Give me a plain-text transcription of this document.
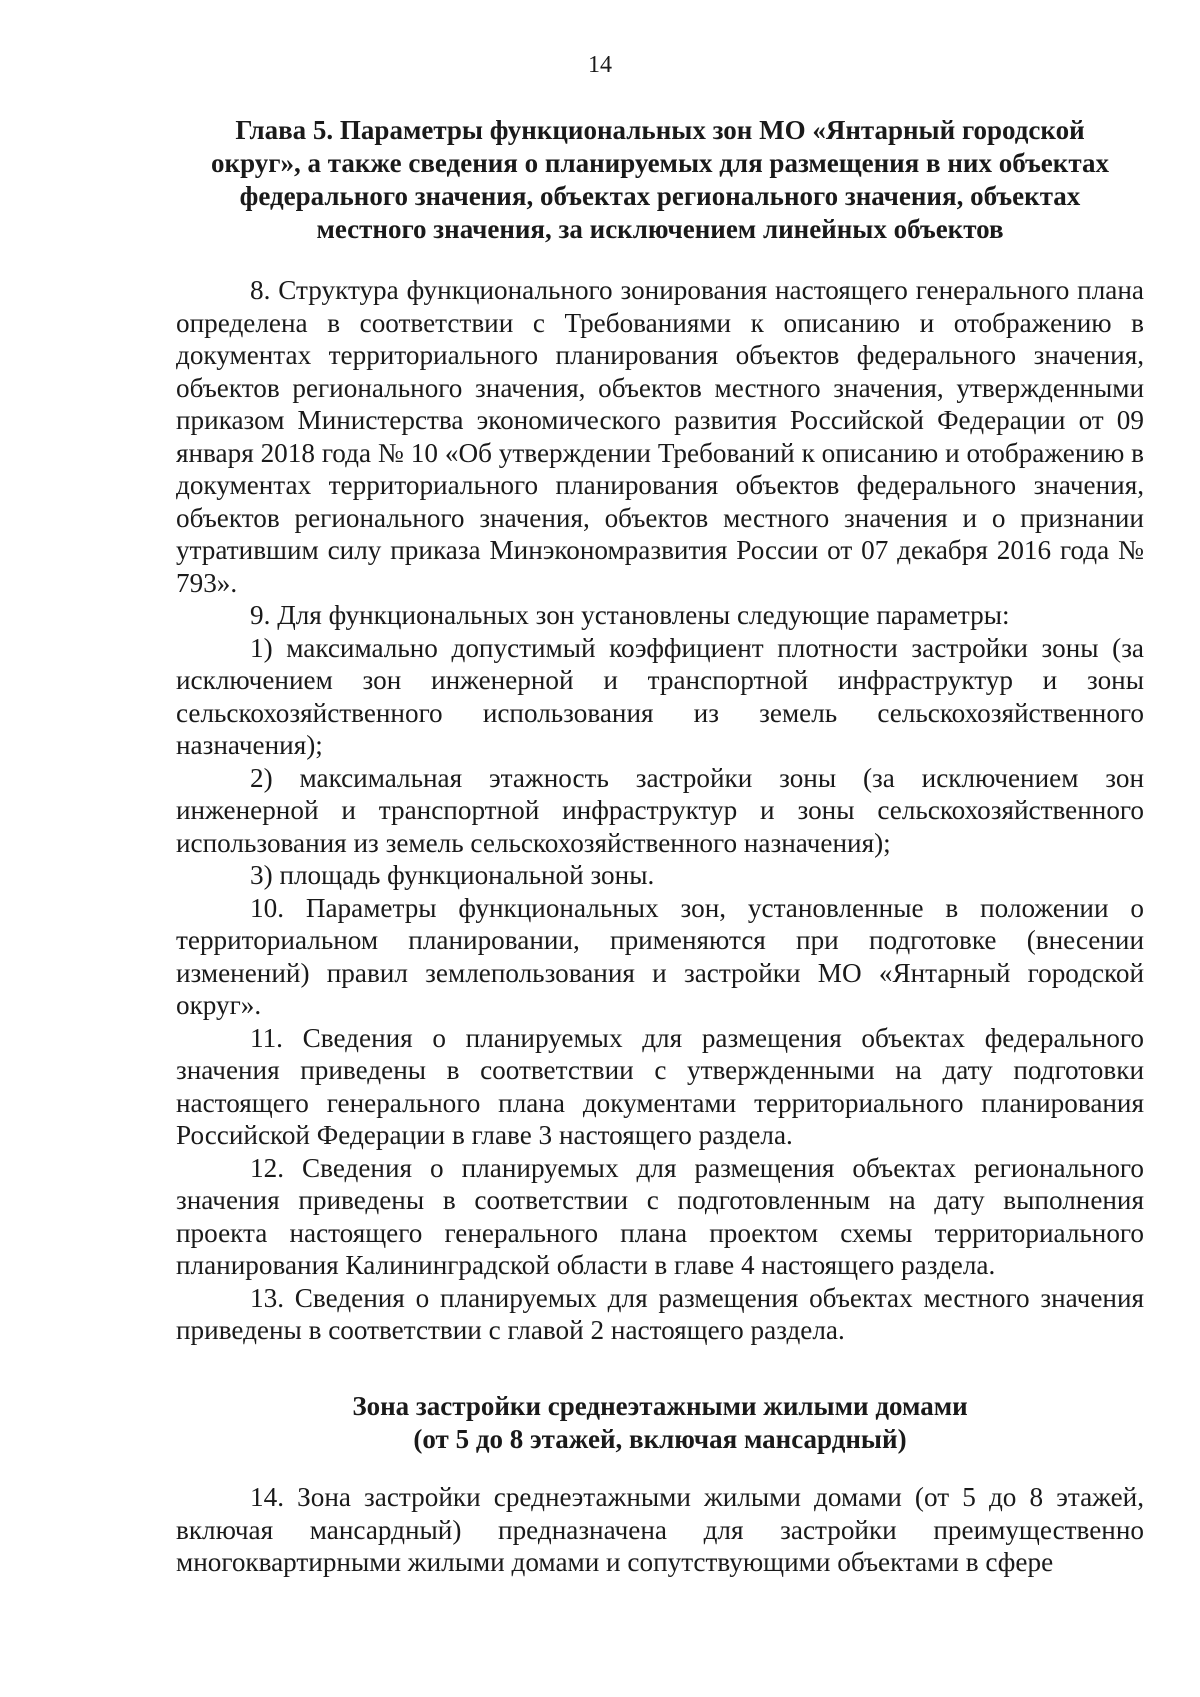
14
Глава 5. Параметры функциональных зон МО «Янтарный городской
округ», а также сведения о планируемых для размещения в них объектах
федерального значения, объектах регионального значения, объектах
местного значения, за исключением линейных объектов

8. Структура функционального зонирования настоящего генерального плана определена в соответствии с Требованиями к описанию и отображению в документах территориального планирования объектов федерального значения, объектов регионального значения, объектов местного значения, утвержденными приказом Министерства экономического развития Российской Федерации от 09 января 2018 года № 10 «Об утверждении Требований к описанию и отображению в документах территориального планирования объектов федерального значения, объектов регионального значения, объектов местного значения и о признании утратившим силу приказа Минэкономразвития России от 07 декабря 2016 года № 793».

9. Для функциональных зон установлены следующие параметры:

1) максимально допустимый коэффициент плотности застройки зоны (за исключением зон инженерной и транспортной инфраструктур и зоны сельскохозяйственного использования из земель сельскохозяйственного назначения);

2) максимальная этажность застройки зоны (за исключением зон инженерной и транспортной инфраструктур и зоны сельскохозяйственного использования из земель сельскохозяйственного назначения);

3) площадь функциональной зоны.

10. Параметры функциональных зон, установленные в положении о территориальном планировании, применяются при подготовке (внесении изменений) правил землепользования и застройки МО «Янтарный городской округ».

11. Сведения о планируемых для размещения объектах федерального значения приведены в соответствии с утвержденными на дату подготовки настоящего генерального плана документами территориального планирования Российской Федерации в главе 3 настоящего раздела.

12. Сведения о планируемых для размещения объектах регионального значения приведены в соответствии с подготовленным на дату выполнения проекта настоящего генерального плана проектом схемы территориального планирования Калининградской области в главе 4 настоящего раздела.

13. Сведения о планируемых для размещения объектах местного значения приведены в соответствии с главой 2 настоящего раздела.

Зона застройки среднеэтажными жилыми домами
(от 5 до 8 этажей, включая мансардный)

14. Зона застройки среднеэтажными жилыми домами (от 5 до 8 этажей, включая мансардный) предназначена для застройки преимущественно многоквартирными жилыми домами и сопутствующими объектами в сфере
